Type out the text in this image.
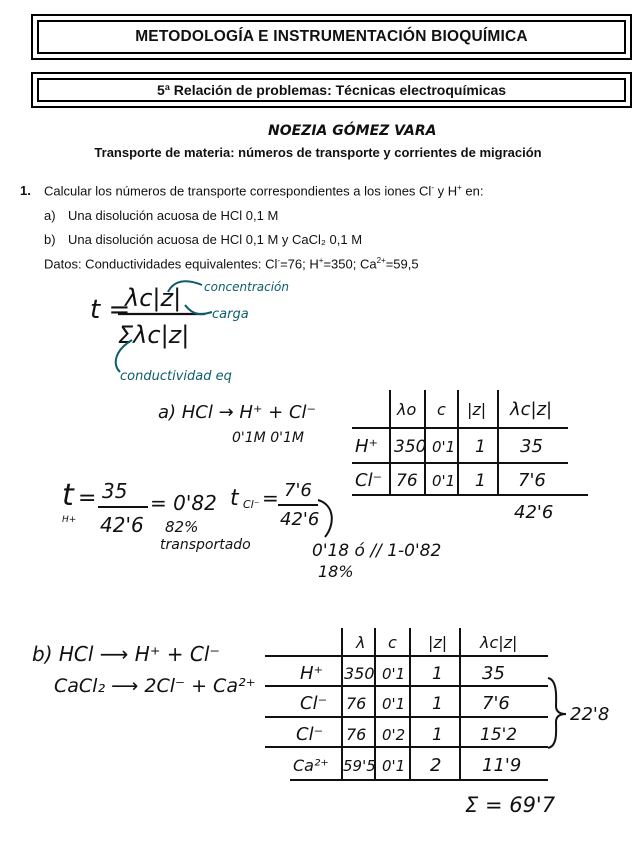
METODOLOGÍA E INSTRUMENTACIÓN BIOQUÍMICA
5ª Relación de problemas: Técnicas electroquímicas
Transporte de materia: números de transporte y corrientes de migración
1. Calcular los números de transporte correspondientes a los iones Cl- y H+ en:
a) Una disolución acuosa de HCl 0,1 M
b) Una disolución acuosa de HCl 0,1 M y CaCl₂ 0,1 M
Datos: Conductividades equivalentes: Cl-=76; H+=350; $Ca^{2+}=59,5$
NOEZIA GÓMEZ VARA
t =
λc|z|
Σλc|z|
concentración
carga
conductividad eq
a) HCl → H⁺ + Cl⁻
0'1M 0'1M
λo c |z| λc|z|
H⁺ 350 0'1 1 35
Cl⁻ 76 0'1 1 7'6
42'6
t
H+
= 35
42'6
= 0'82
82%
transportado
t Cl⁻ = 7'6
42'6
0'18 ó // 1-0'82
18%
b) HCl ⟶ H⁺ + Cl⁻
CaCl₂ ⟶ 2Cl⁻ + Ca²⁺
λ c |z| λc|z|
H⁺ 350 0'1 1 35
Cl⁻ 76 0'1 1 7'6
Cl⁻ 76 0'2 1 15'2
Ca²⁺ 59'5 0'1 2 11'9
22'8
Σ = 69'7
